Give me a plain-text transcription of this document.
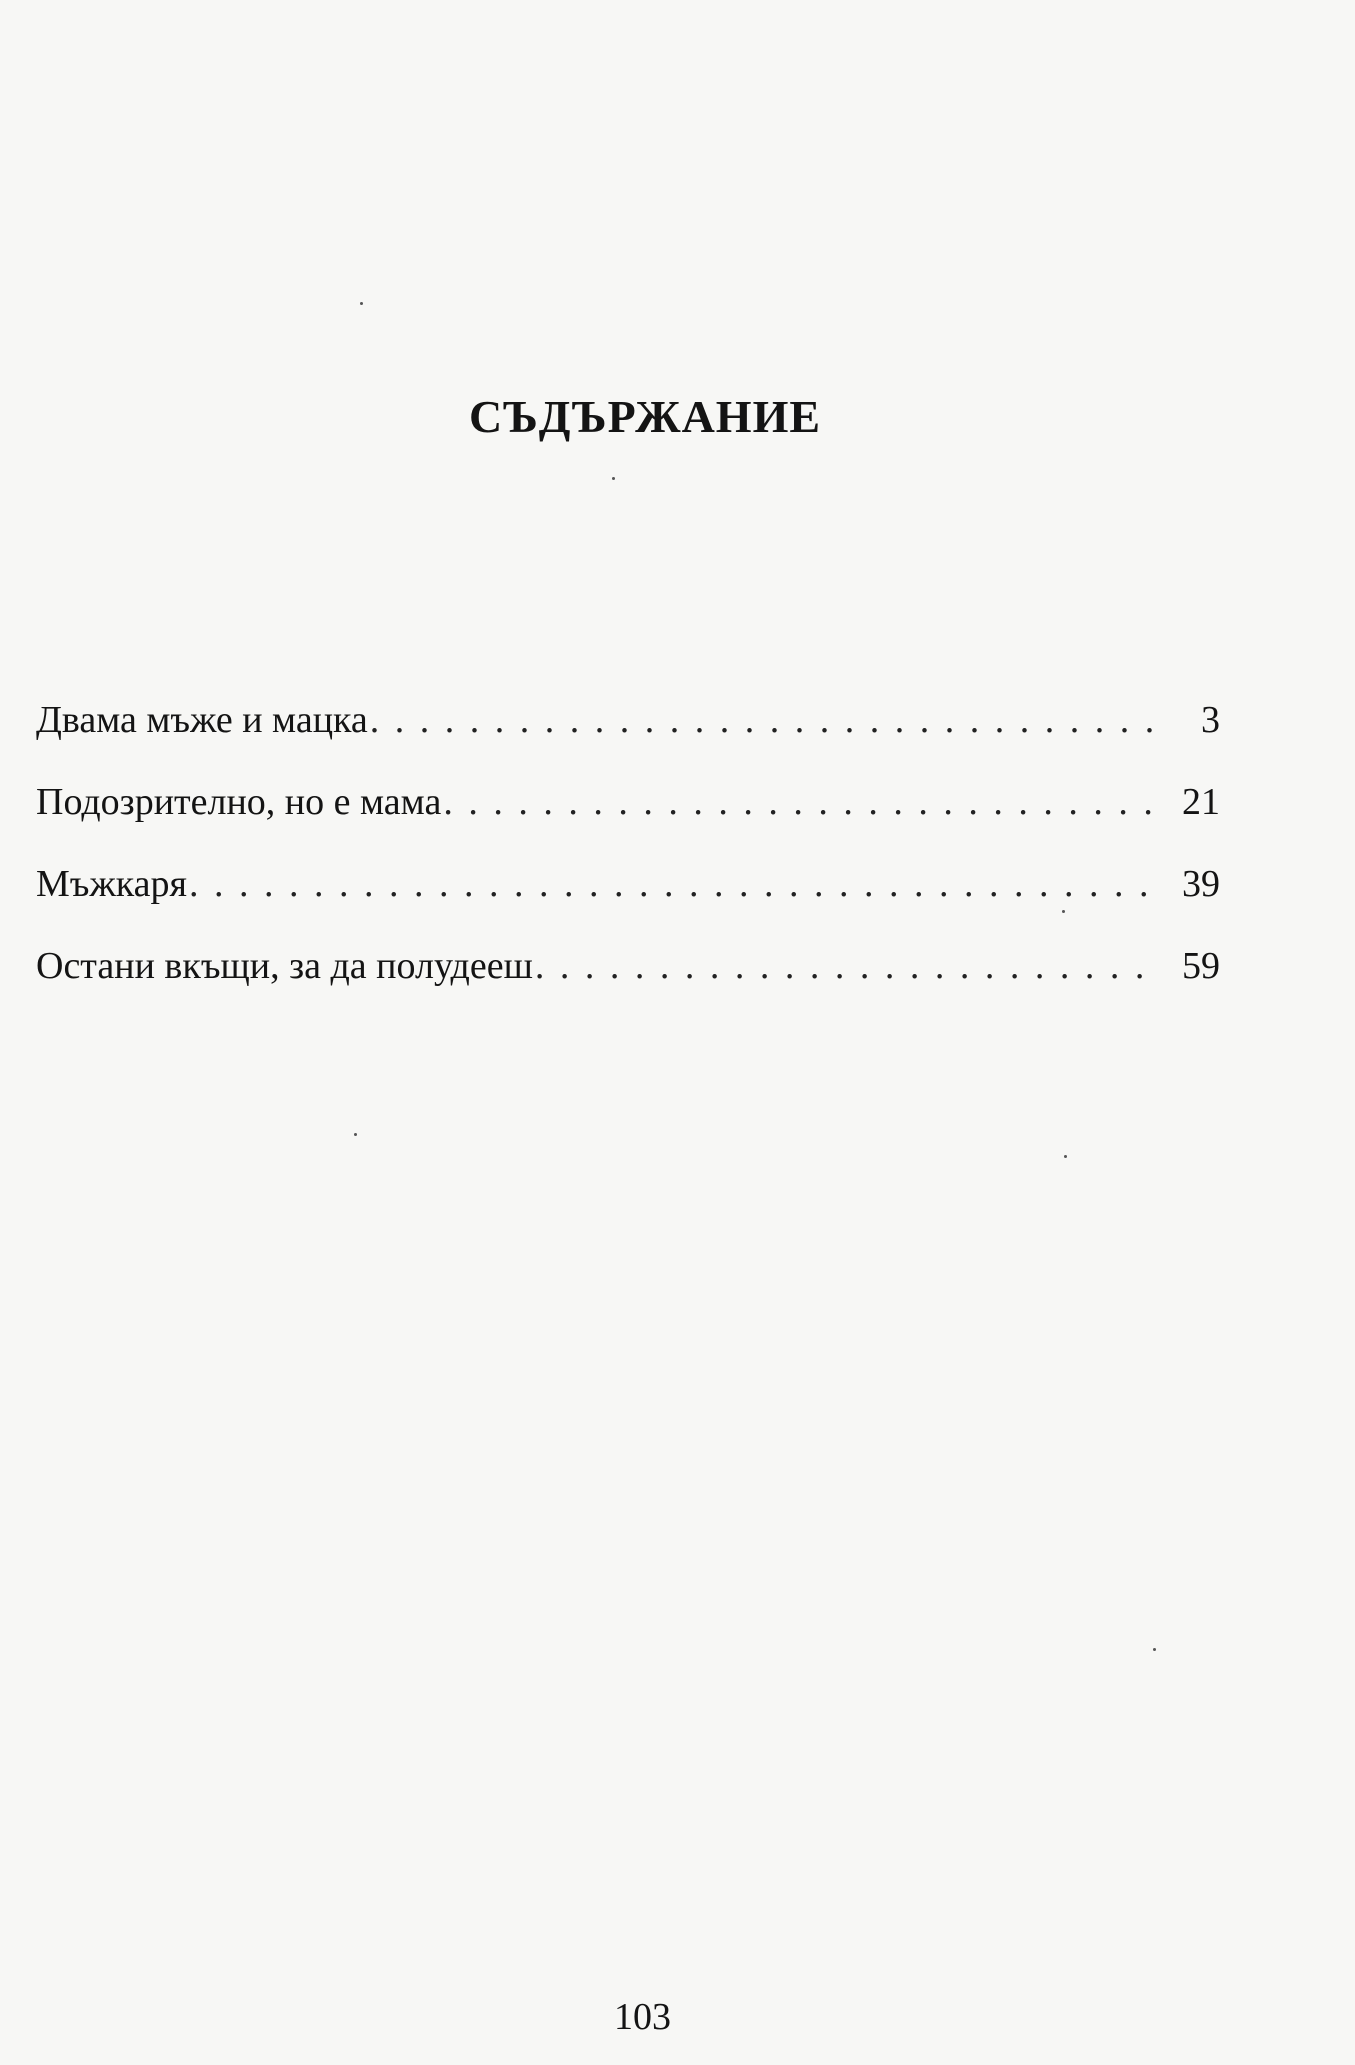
СЪДЪРЖАНИЕ
Двама мъже и мацка . . .	3
Подозрително, но е мама . . .	21
Мъжкаря . . .	39
Остани вкъщи, за да полудееш . . .	59
103
